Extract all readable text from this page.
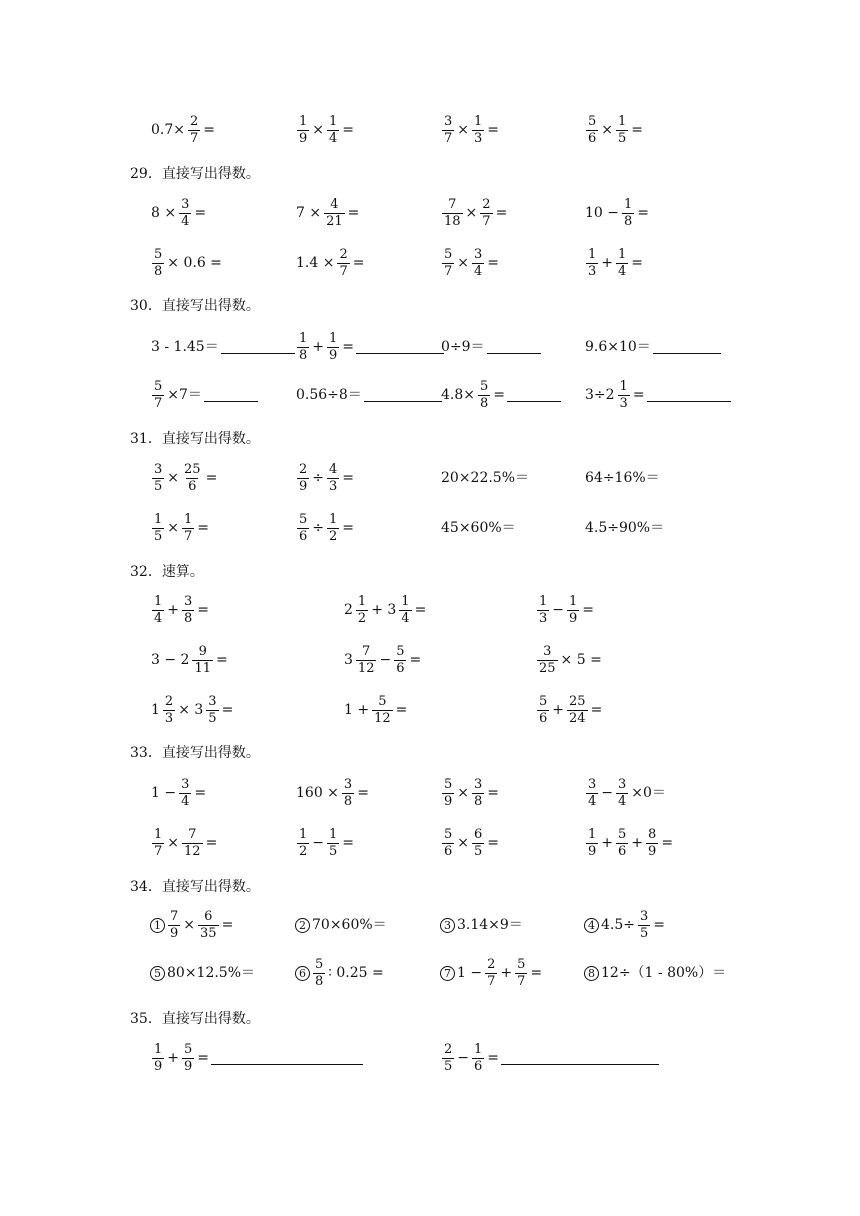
29．直接写出得数。
30．直接写出得数。
31．直接写出得数。
32．速算。
33．直接写出得数。
34．直接写出得数。
35．直接写出得数。
$0.7\times \frac{2}{7}$ =	$\frac{1}{9} \times \frac{1}{4}$ =	$\frac{3}{7} \times \frac{1}{3}$ =	$\frac{5}{6} \times \frac{1}{5}$ =
$8 \times \frac{3}{4}$ =	$7 \times \frac{4}{21}$ =	$\frac{7}{18} \times \frac{2}{7}$ =	$10 - \frac{1}{8}$ =
$\frac{5}{8} \times 0.6$ =	$1.4 \times \frac{2}{7}$ =	$\frac{5}{7} \times \frac{3}{4}$ =	$\frac{1}{3} + \frac{1}{4}$ =
3 - 1.45＝	$\frac{1}{8} + \frac{1}{9}$ =	0÷9＝	9.6×10＝
$\frac{5}{7} \times 7=$	0.56÷8＝	$4.8\times \frac{5}{8}$ =	$3\div 2 \frac{1}{3}$ =
$\frac{3}{5} \times \frac{25}{6}$ =	$\frac{2}{9} \div \frac{4}{3}$ =	20×22.5%＝	64÷16%＝
$\frac{1}{5} \times \frac{1}{7}$ =	$\frac{5}{6} \div \frac{1}{2}$ =	45×60%＝	4.5÷90%＝
$\frac{1}{4} + \frac{3}{8}$ =	$2 \frac{1}{2} + 3 \frac{1}{4}$ =	$\frac{1}{3} - \frac{1}{9}$ =
$3 - 2 \frac{9}{11}$ =	$3 \frac{7}{12} - \frac{5}{6}$ =	$\frac{3}{25} \times 5$ =
$1 \frac{2}{3} \times 3 \frac{3}{5}$ =	$1 + \frac{5}{12}$ =	$\frac{5}{6} + \frac{25}{24}$ =
$1 - \frac{3}{4}$ =	$160 \times \frac{3}{8}$ =	$\frac{5}{9} \times \frac{3}{8}$ =	$\frac{3}{4} - \frac{3}{4} \times 0=$
$\frac{1}{7} \times \frac{7}{12}$ =	$\frac{1}{2} - \frac{1}{5}$ =	$\frac{5}{6} \times \frac{6}{5}$ =	$\frac{1}{9} + \frac{5}{6} + \frac{8}{9}$ =
$1 \frac{7}{9} \times \frac{6}{35}$ =	2 70×60%＝	3 3.14×9＝	4 $4.5\div \frac{3}{5}$ =
5 80×12.5%＝	$6 \frac{5}{8}$ ∶ 0.25 =	7 $1 - \frac{2}{7} + \frac{5}{7}$ =	8 12÷（1 - 80%）＝
$\frac{1}{9} + \frac{5}{9}$ =	$\frac{2}{5} - \frac{1}{6}$ =
